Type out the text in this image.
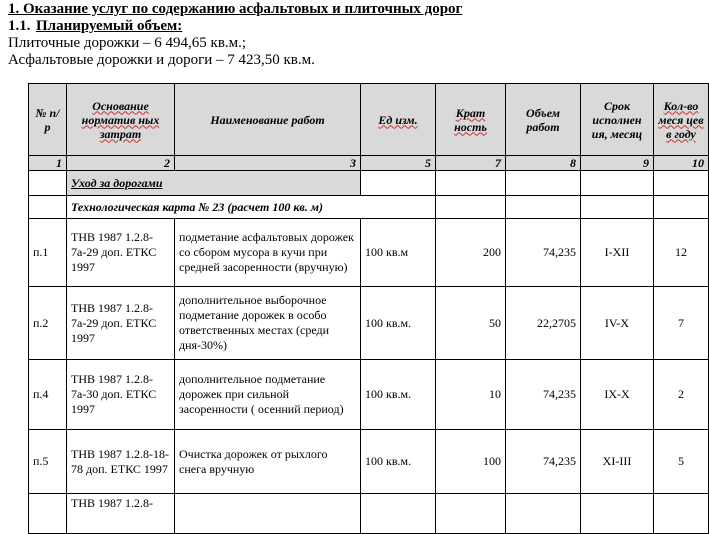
1. Оказание услуг по содержанию асфальтовых и плиточных дорог
1.1. Планируемый объем:
Плиточные дорожки – 6 494,65 кв.м.;
Асфальтовые дорожки и дороги – 7 423,50 кв.м.
№ п/р	Основание норматив ных затрат	Наименование работ	Ед изм.	Крат ность	Объем работ	Срок исполнен ия, месяц	Кол-во меся цев в году
1	2	3	5	7	8	9	10
	Уход за дорогами						
	Технологическая карта № 23 (расчет 100 кв. м)						
п.1	ТНВ 1987 1.2.8-7а-29 доп. ЕТКС 1997	подметание асфальтовых дорожек со сбором мусора в кучи при средней засоренности (вручную)	100 кв.м	200	74,235	I-XII	12
п.2	ТНВ 1987 1.2.8-7а-29 доп. ЕТКС 1997	дополнительное выборочное подметание дорожек в особо ответственных местах (среди дня-30%)	100 кв.м.	50	22,2705	IV-X	7
п.4	ТНВ 1987 1.2.8-7а-30 доп. ЕТКС 1997	дополнительное подметание дорожек при сильной засоренности ( осенний период)	100 кв.м.	10	74,235	IX-X	2
п.5	ТНВ 1987 1.2.8-18-78 доп. ЕТКС 1997	Очистка дорожек от рыхлого снега вручную	100 кв.м.	100	74,235	XI-III	5
	ТНВ 1987 1.2.8-						
